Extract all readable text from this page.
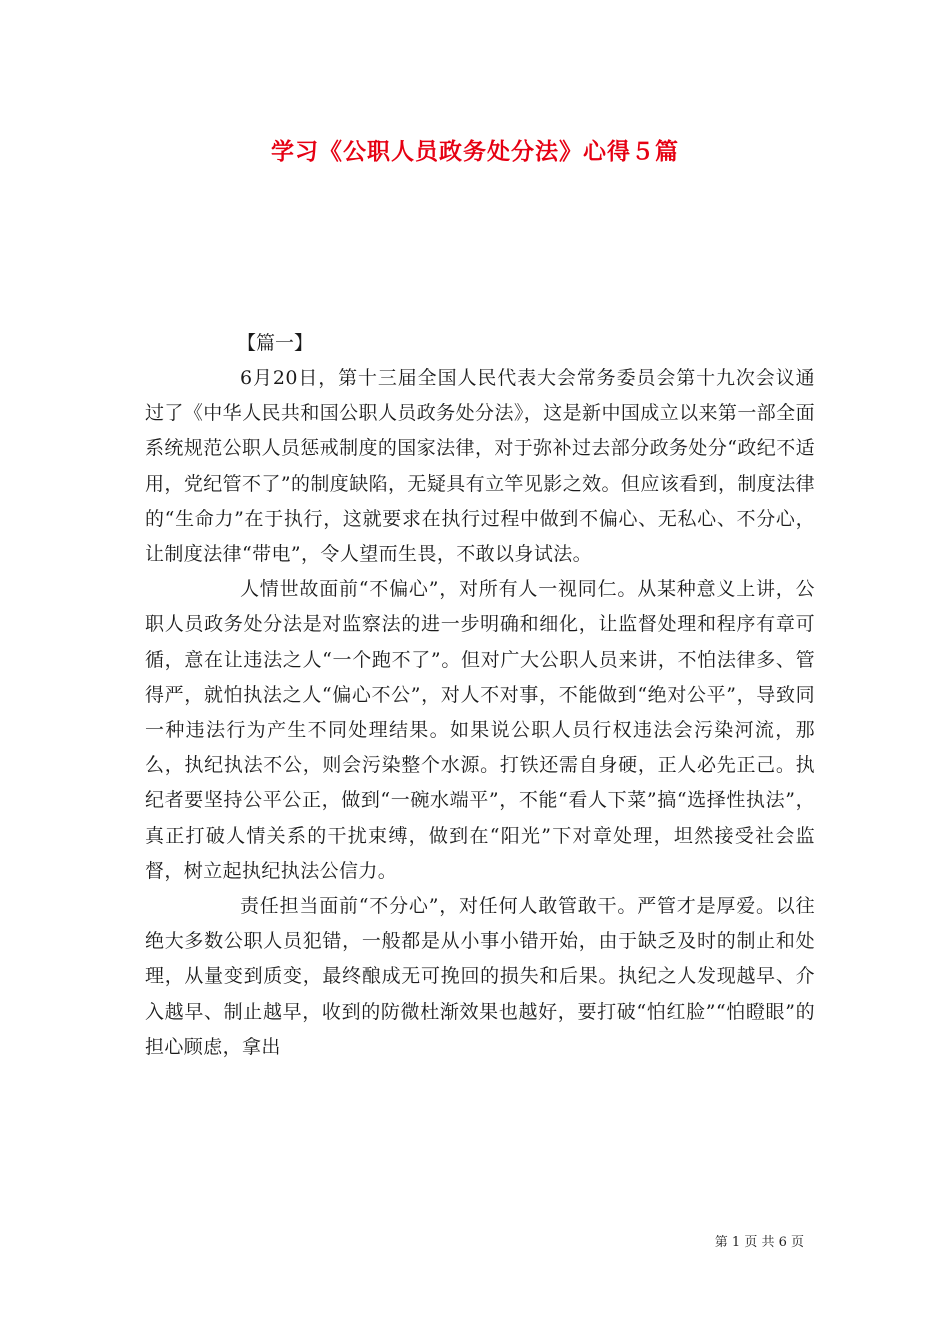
学习《公职人员政务处分法》心得５篇

【篇一】

6月20日，第十三届全国人民代表大会常务委员会第十九次会议通过了《中华人民共和国公职人员政务处分法》，这是新中国成立以来第一部全面系统规范公职人员惩戒制度的国家法律，对于弥补过去部分政务处分“政纪不适用，党纪管不了”的制度缺陷，无疑具有立竿见影之效。但应该看到，制度法律的“生命力”在于执行，这就要求在执行过程中做到不偏心、无私心、不分心，让制度法律“带电”，令人望而生畏，不敢以身试法。

人情世故面前“不偏心”，对所有人一视同仁。从某种意义上讲，公职人员政务处分法是对监察法的进一步明确和细化，让监督处理和程序有章可循，意在让违法之人“一个跑不了”。但对广大公职人员来讲，不怕法律多、管得严，就怕执法之人“偏心不公”，对人不对事，不能做到“绝对公平”，导致同一种违法行为产生不同处理结果。如果说公职人员行权违法会污染河流，那么，执纪执法不公，则会污染整个水源。打铁还需自身硬，正人必先正己。执纪者要坚持公平公正，做到“一碗水端平”，不能“看人下菜”搞“选择性执法”，真正打破人情关系的干扰束缚，做到在“阳光”下对章处理，坦然接受社会监督，树立起执纪执法公信力。

责任担当面前“不分心”，对任何人敢管敢干。严管才是厚爱。以往绝大多数公职人员犯错，一般都是从小事小错开始，由于缺乏及时的制止和处理，从量变到质变，最终酿成无可挽回的损失和后果。执纪之人发现越早、介入越早、制止越早，收到的防微杜渐效果也越好，要打破“怕红脸”“怕瞪眼”的担心顾虑，拿出

第 1 页 共 6 页
